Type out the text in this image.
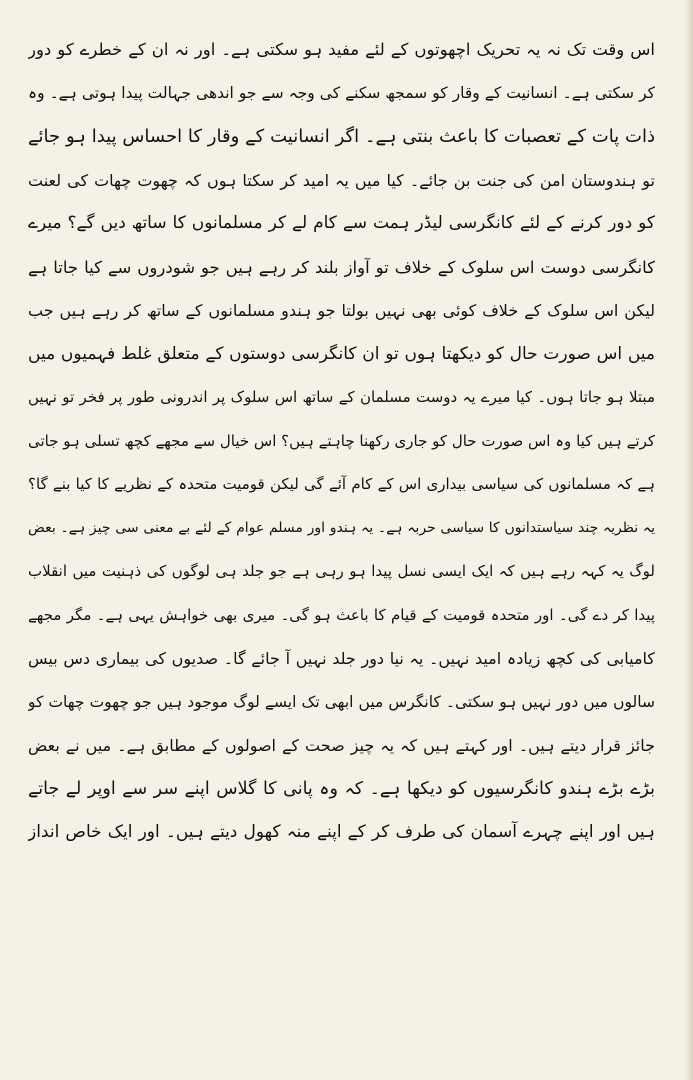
اس وقت تک نہ یہ تحریک اچھوتوں کے لئے مفید ہو سکتی ہے۔ اور نہ ان کے خطرے کو دور
کر سکتی ہے۔ انسانیت کے وقار کو سمجھ سکنے کی وجہ سے جو اندھی جہالت پیدا ہوتی ہے۔ وہ
ذات پات کے تعصبات کا باعث بنتی ہے۔ اگر انسانیت کے وقار کا احساس پیدا ہو جائے
تو ہندوستان امن کی جنت بن جائے۔ کیا میں یہ امید کر سکتا ہوں کہ چھوت چھات کی لعنت
کو دور کرنے کے لئے کانگرسی لیڈر ہمت سے کام لے کر مسلمانوں کا ساتھ دیں گے؟ میرے
کانگرسی دوست اس سلوک کے خلاف تو آواز بلند کر رہے ہیں جو شودروں سے کیا جاتا ہے
لیکن اس سلوک کے خلاف کوئی بھی نہیں بولتا جو ہندو مسلمانوں کے ساتھ کر رہے ہیں جب
میں اس صورت حال کو دیکھتا ہوں تو ان کانگرسی دوستوں کے متعلق غلط فہمیوں میں
مبتلا ہو جاتا ہوں۔ کیا میرے یہ دوست مسلمان کے ساتھ اس سلوک پر اندرونی طور پر فخر تو نہیں
کرتے ہیں کیا وہ اس صورت حال کو جاری رکھنا چاہتے ہیں؟ اس خیال سے مجھے کچھ تسلی ہو جاتی
ہے کہ مسلمانوں کی سیاسی بیداری اس کے کام آئے گی لیکن قومیت متحدہ کے نظریے کا کیا بنے گا؟
یہ نظریہ چند سیاستدانوں کا سیاسی حربہ ہے۔ یہ ہندو اور مسلم عوام کے لئے بے معنی سی چیز ہے۔ بعض
لوگ یہ کہہ رہے ہیں کہ ایک ایسی نسل پیدا ہو رہی ہے جو جلد ہی لوگوں کی ذہنیت میں انقلاب
پیدا کر دے گی۔ اور متحدہ قومیت کے قیام کا باعث ہو گی۔ میری بھی خواہش یہی ہے۔ مگر مجھے
کامیابی کی کچھ زیادہ امید نہیں۔ یہ نیا دور جلد نہیں آ جائے گا۔ صدیوں کی بیماری دس بیس
سالوں میں دور نہیں ہو سکتی۔ کانگرس میں ابھی تک ایسے لوگ موجود ہیں جو چھوت چھات کو
جائز قرار دیتے ہیں۔ اور کہتے ہیں کہ یہ چیز صحت کے اصولوں کے مطابق ہے۔ میں نے بعض
بڑے بڑے ہندو کانگرسیوں کو دیکھا ہے۔ کہ وہ پانی کا گلاس اپنے سر سے اوپر لے جاتے
ہیں اور اپنے چہرے آسمان کی طرف کر کے اپنے منہ کھول دیتے ہیں۔ اور ایک خاص انداز
